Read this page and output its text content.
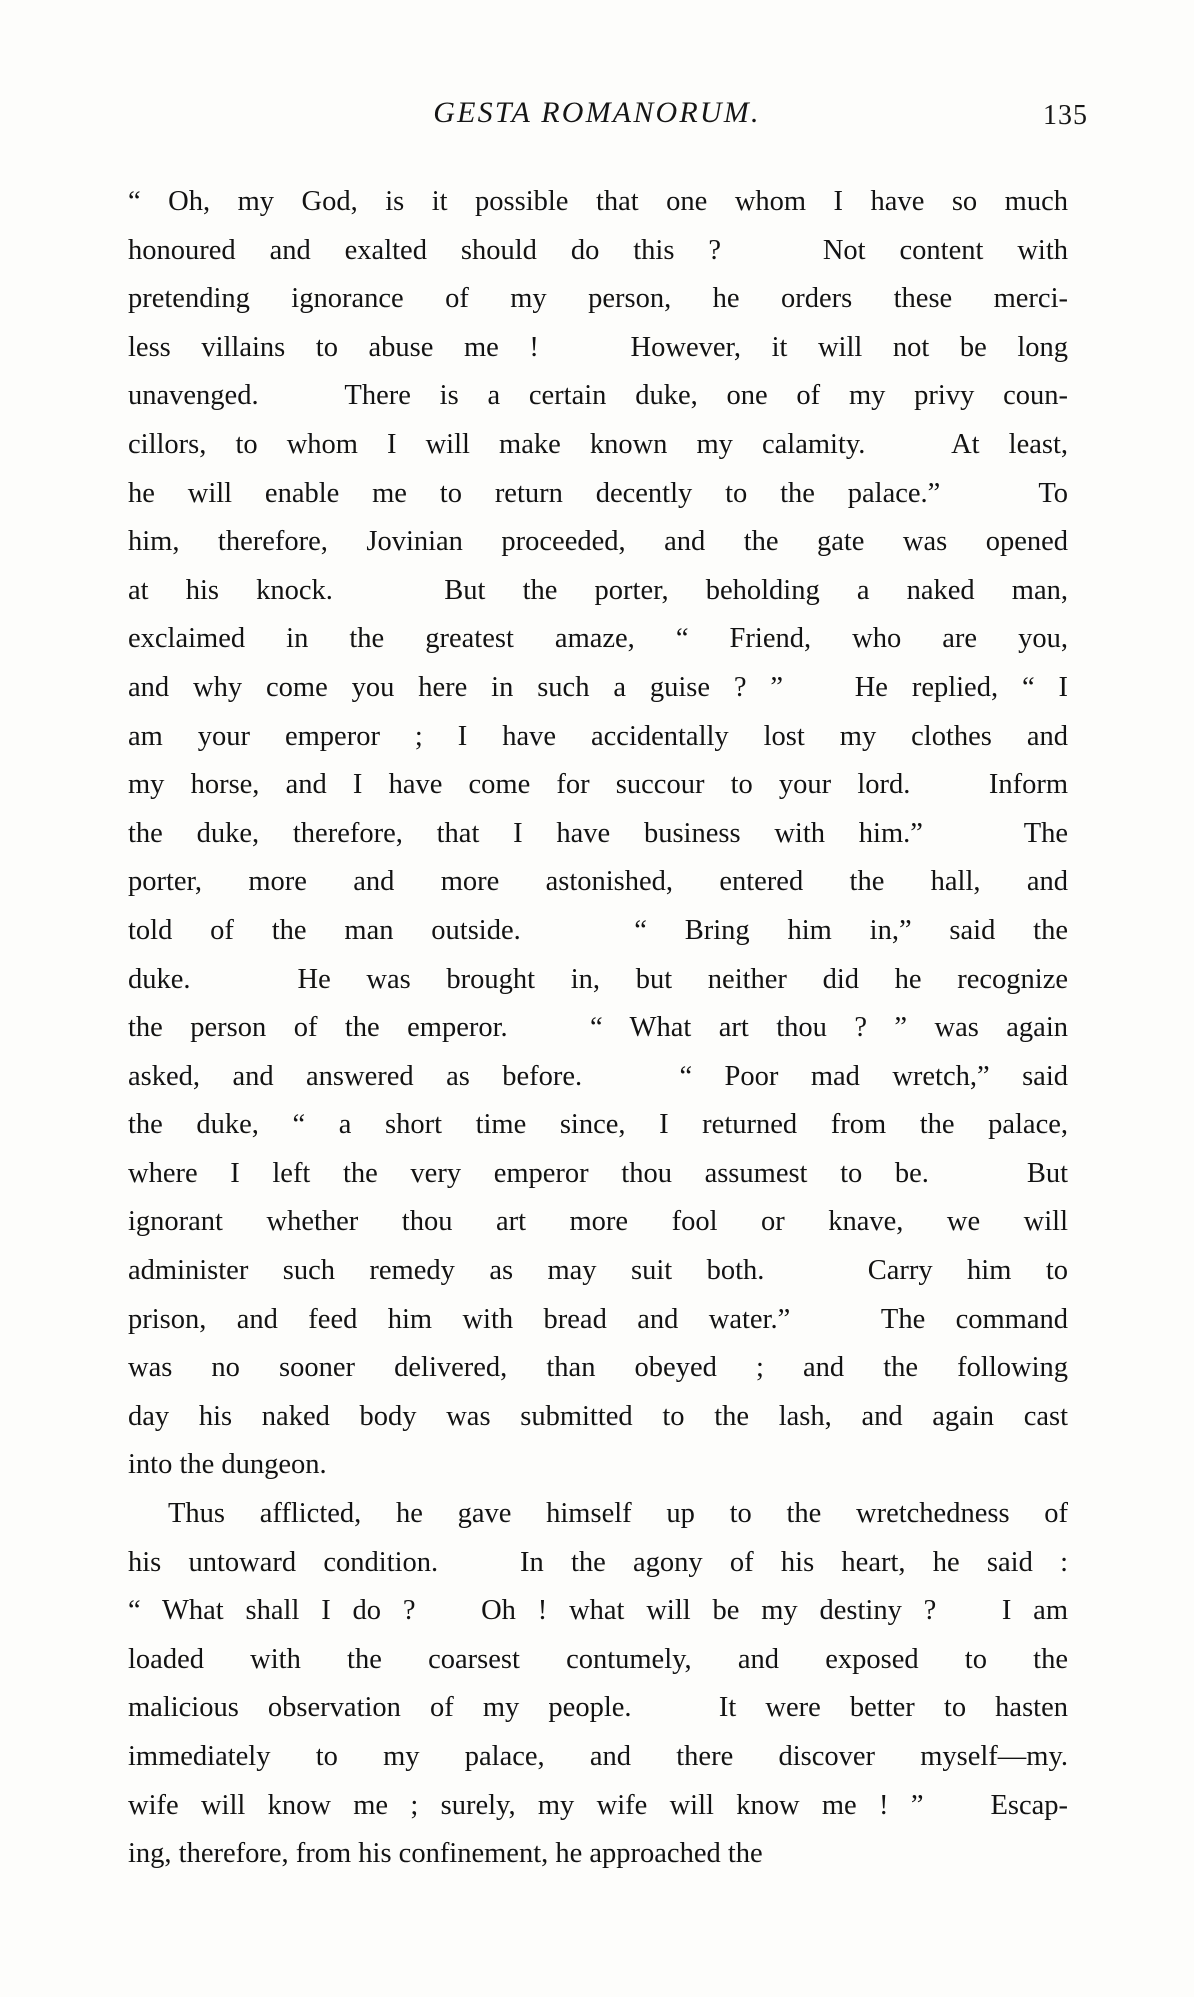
GESTA ROMANORUM.	135

“ Oh, my God, is it possible that one whom I have so much
honoured and exalted should do this ?   Not content with
pretending ignorance of my person, he orders these merci-
less villains to abuse me !   However, it will not be long
unavenged.   There is a certain duke, one of my privy coun-
cillors, to whom I will make known my calamity.   At least,
he will enable me to return decently to the palace.”   To
him, therefore, Jovinian proceeded, and the gate was opened
at his knock.   But the porter, beholding a naked man,
exclaimed in the greatest amaze, “ Friend, who are you,
and why come you here in such a guise ? ”   He replied, “ I
am your emperor ; I have accidentally lost my clothes and
my horse, and I have come for succour to your lord.   Inform
the duke, therefore, that I have business with him.”   The
porter, more and more astonished, entered the hall, and
told of the man outside.   “ Bring him in,” said the
duke.   He was brought in, but neither did he recognize
the person of the emperor.   “ What art thou ? ” was again
asked, and answered as before.   “ Poor mad wretch,” said
the duke, “ a short time since, I returned from the palace,
where I left the very emperor thou assumest to be.   But
ignorant whether thou art more fool or knave, we will
administer such remedy as may suit both.   Carry him to
prison, and feed him with bread and water.”   The command
was no sooner delivered, than obeyed ; and the following
day his naked body was submitted to the lash, and again cast
into the dungeon.

Thus afflicted, he gave himself up to the wretchedness of
his untoward condition.   In the agony of his heart, he said :
“ What shall I do ?   Oh ! what will be my destiny ?   I am
loaded with the coarsest contumely, and exposed to the
malicious observation of my people.   It were better to hasten
immediately to my palace, and there discover myself—my.
wife will know me ; surely, my wife will know me ! ”   Escap-
ing, therefore, from his confinement, he approached the
